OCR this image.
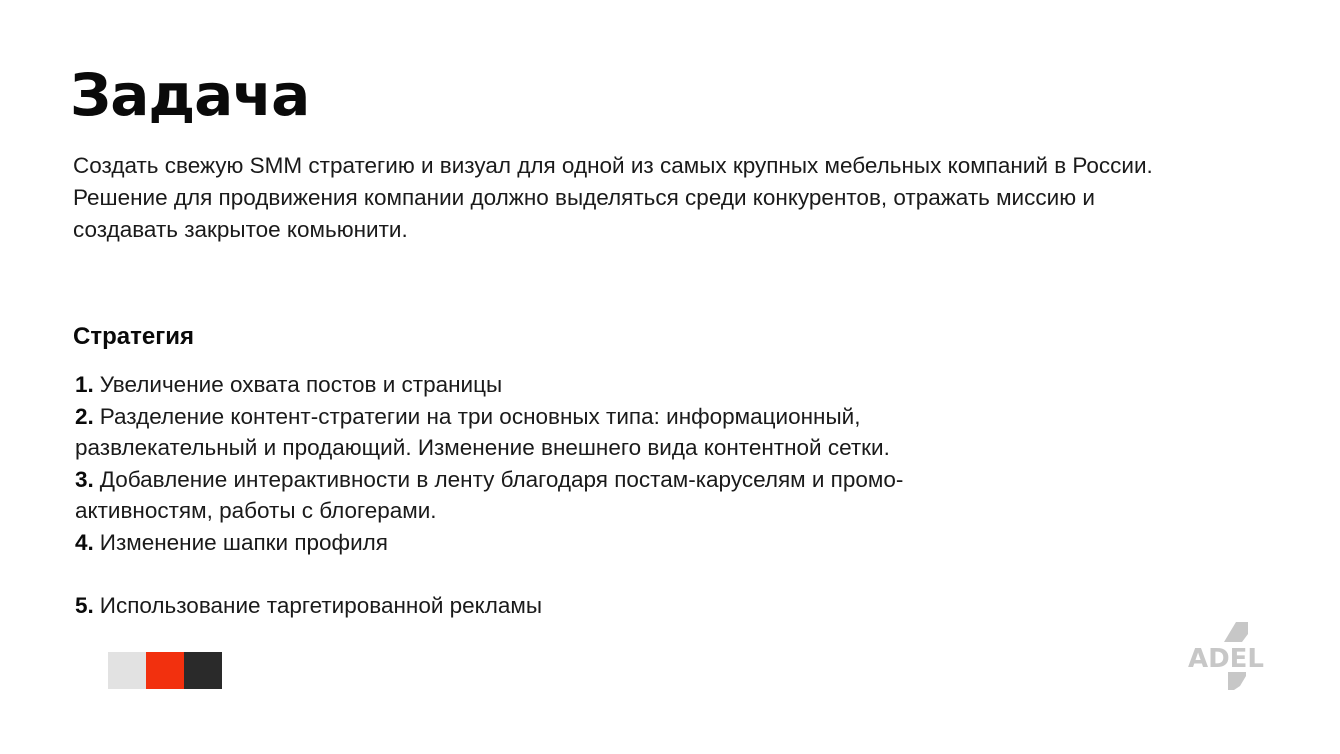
Задача

Создать свежую SMM стратегию и визуал для одной из самых крупных мебельных компаний в России. Решение для продвижения компании должно выделяться среди конкурентов, отражать миссию и создавать закрытое комьюнити.

Стратегия
1. Увеличение охвата постов и страницы
2. Разделение контент-стратегии на три основных типа: информационный, развлекательный и продающий. Изменение внешнего вида контентной сетки.
3. Добавление интерактивности в ленту благодаря постам-каруселям и промо-активностям, работы с блогерами.
4. Изменение шапки профиля
5. Использование таргетированной рекламы
ADEL
